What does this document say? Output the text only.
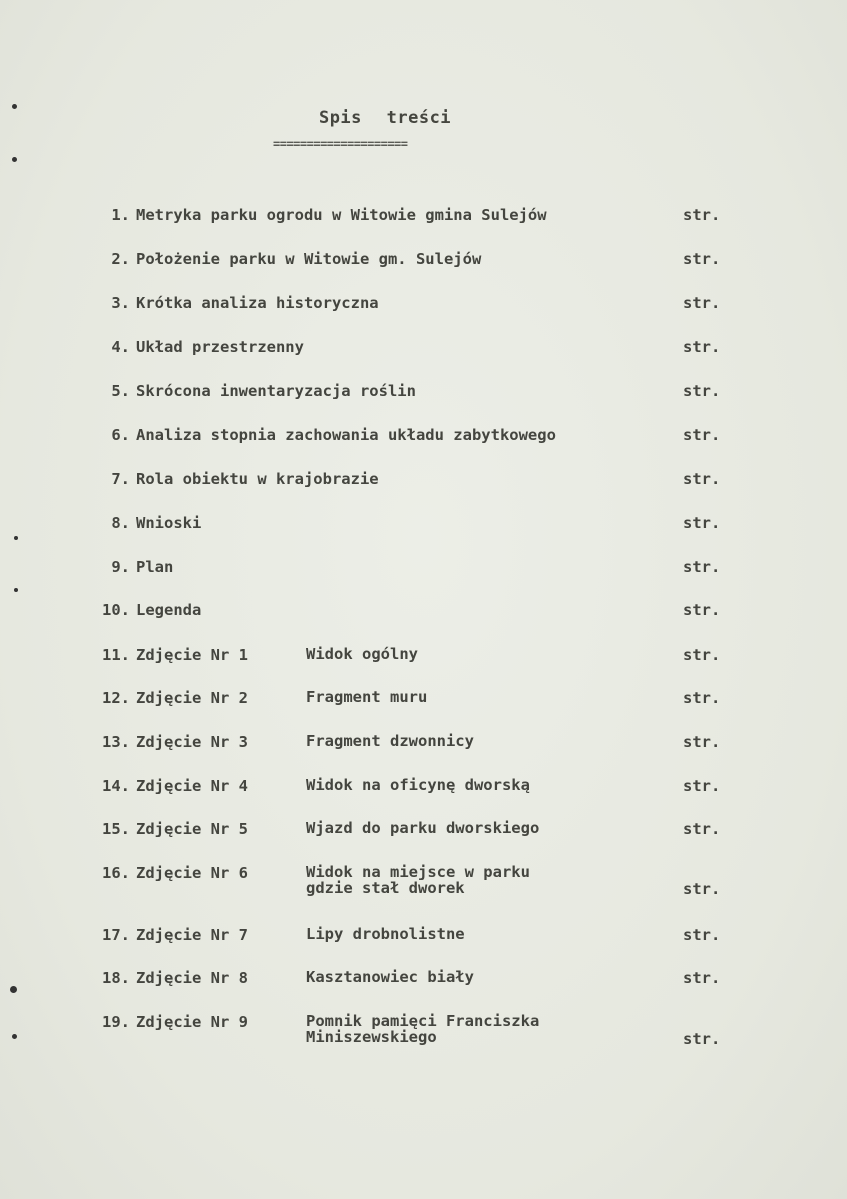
Spis treści
====================
1. Metryka parku ogrodu w Witowie gmina Sulejów	str.
2. Położenie parku w Witowie gm. Sulejów	str.
3. Krótka analiza historyczna	str.
4. Układ przestrzenny	str.
5. Skrócona inwentaryzacja roślin	str.
6. Analiza stopnia zachowania układu zabytkowego	str.
7. Rola obiektu w krajobrazie	str.
8. Wnioski	str.
9. Plan	str.
10. Legenda	str.
11. Zdjęcie Nr 1	Widok ogólny	str.
12. Zdjęcie Nr 2	Fragment muru	str.
13. Zdjęcie Nr 3	Fragment dzwonnicy	str.
14. Zdjęcie Nr 4	Widok na oficynę dworską	str.
15. Zdjęcie Nr 5	Wjazd do parku dworskiego	str.
16. Zdjęcie Nr 6	Widok na miejsce w parku
gdzie stał dworek	str.
17. Zdjęcie Nr 7	Lipy drobnolistne	str.
18. Zdjęcie Nr 8	Kasztanowiec biały	str.
19. Zdjęcie Nr 9	Pomnik pamięci Franciszka
Miniszewskiego	str.
